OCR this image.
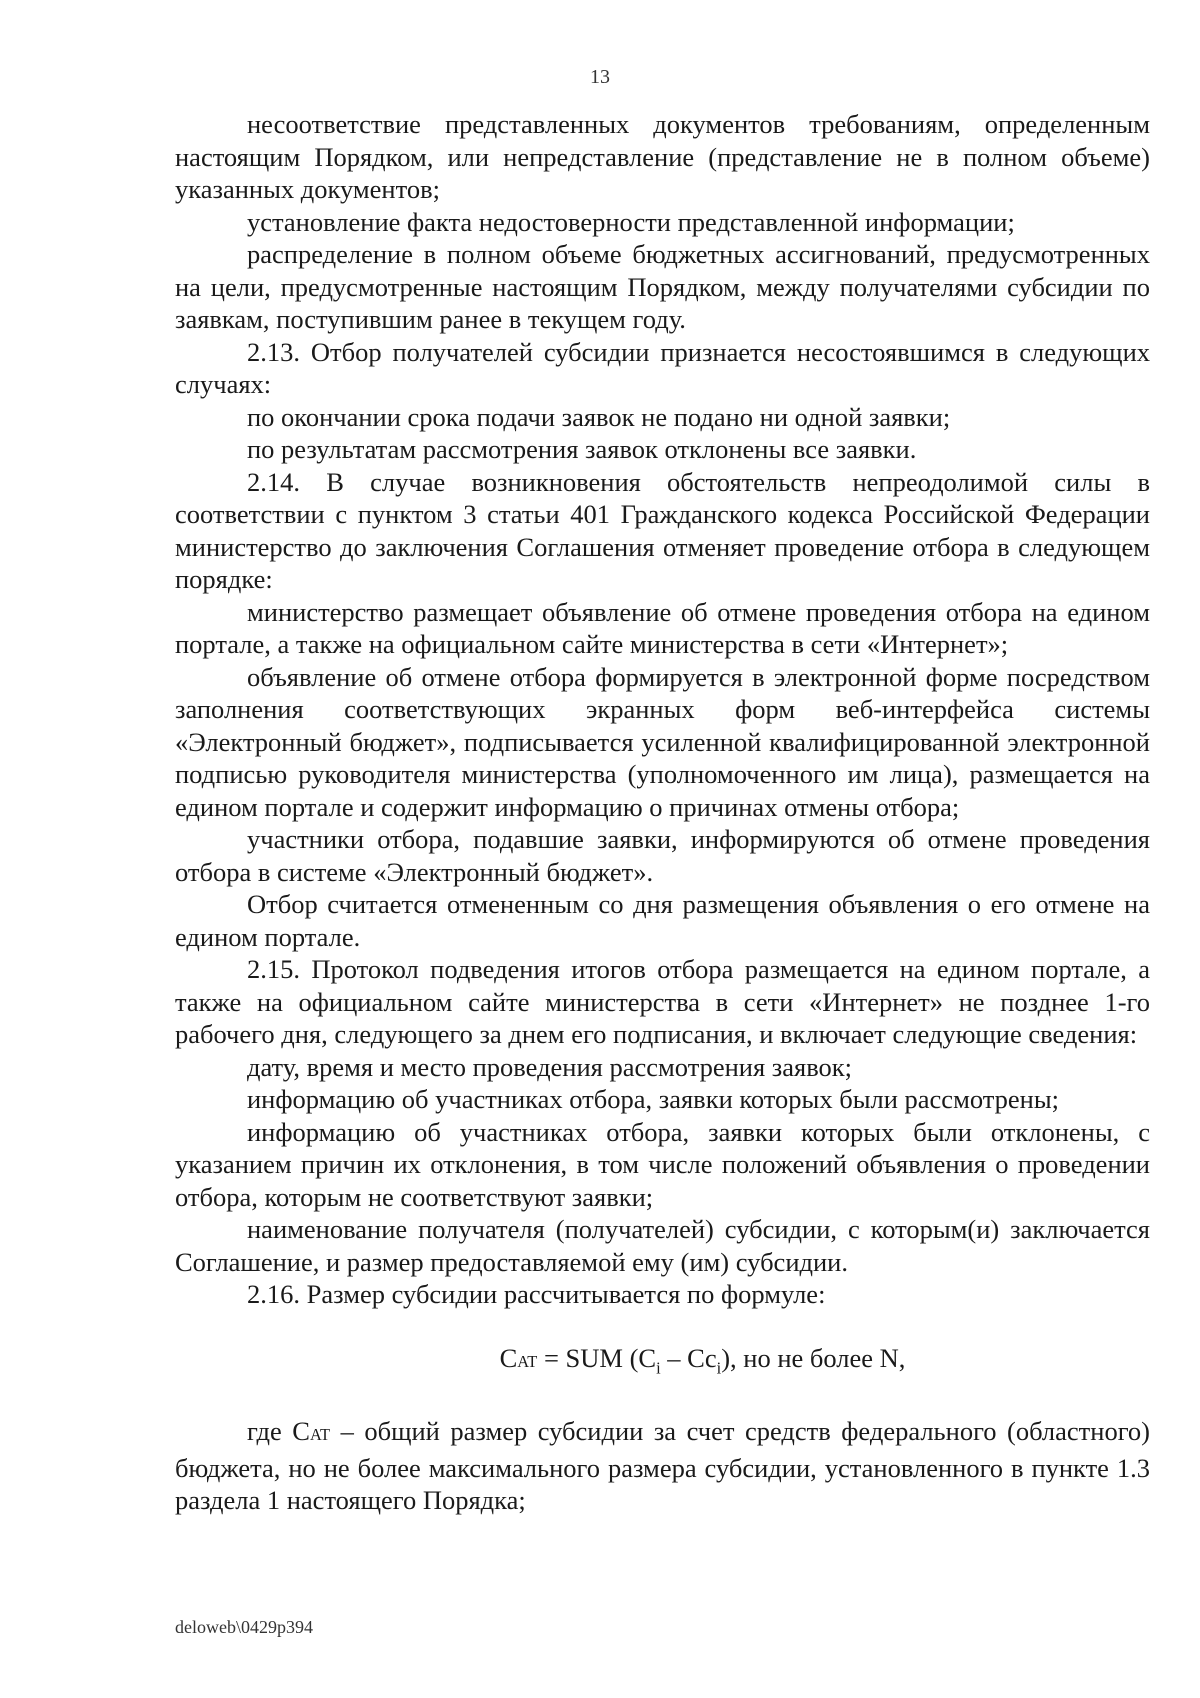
13

несоответствие представленных документов требованиям, определенным настоящим Порядком, или непредставление (представление не в полном объеме) указанных документов;

установление факта недостоверности представленной информации;

распределение в полном объеме бюджетных ассигнований, предусмотренных на цели, предусмотренные настоящим Порядком, между получателями субсидии по заявкам, поступившим ранее в текущем году.

2.13. Отбор получателей субсидии признается несостоявшимся в следующих случаях:

по окончании срока подачи заявок не подано ни одной заявки;

по результатам рассмотрения заявок отклонены все заявки.

2.14. В случае возникновения обстоятельств непреодолимой силы в соответствии с пунктом 3 статьи 401 Гражданского кодекса Российской Федерации министерство до заключения Соглашения отменяет проведение отбора в следующем порядке:

министерство размещает объявление об отмене проведения отбора на едином портале, а также на официальном сайте министерства в сети «Интернет»;

объявление об отмене отбора формируется в электронной форме посредством заполнения соответствующих экранных форм веб-интерфейса системы «Электронный бюджет», подписывается усиленной квалифицированной электронной подписью руководителя министерства (уполномоченного им лица), размещается на едином портале и содержит информацию о причинах отмены отбора;

участники отбора, подавшие заявки, информируются об отмене проведения отбора в системе «Электронный бюджет».

Отбор считается отмененным со дня размещения объявления о его отмене на едином портале.

2.15. Протокол подведения итогов отбора размещается на едином портале, а также на официальном сайте министерства в сети «Интернет» не позднее 1-го рабочего дня, следующего за днем его подписания, и включает следующие сведения:

дату, время и место проведения рассмотрения заявок;

информацию об участниках отбора, заявки которых были рассмотрены;

информацию об участниках отбора, заявки которых были отклонены, с указанием причин их отклонения, в том числе положений объявления о проведении отбора, которым не соответствуют заявки;

наименование получателя (получателей) субсидии, с которым(и) заключается Соглашение, и размер предоставляемой ему (им) субсидии.

2.16. Размер субсидии рассчитывается по формуле:

CAT = SUM $(C_i - Cc_i)$, но не более N,

где CAT – общий размер субсидии за счет средств федерального (областного) бюджета, но не более максимального размера субсидии, установленного в пункте 1.3 раздела 1 настоящего Порядка;

deloweb\0429p394
